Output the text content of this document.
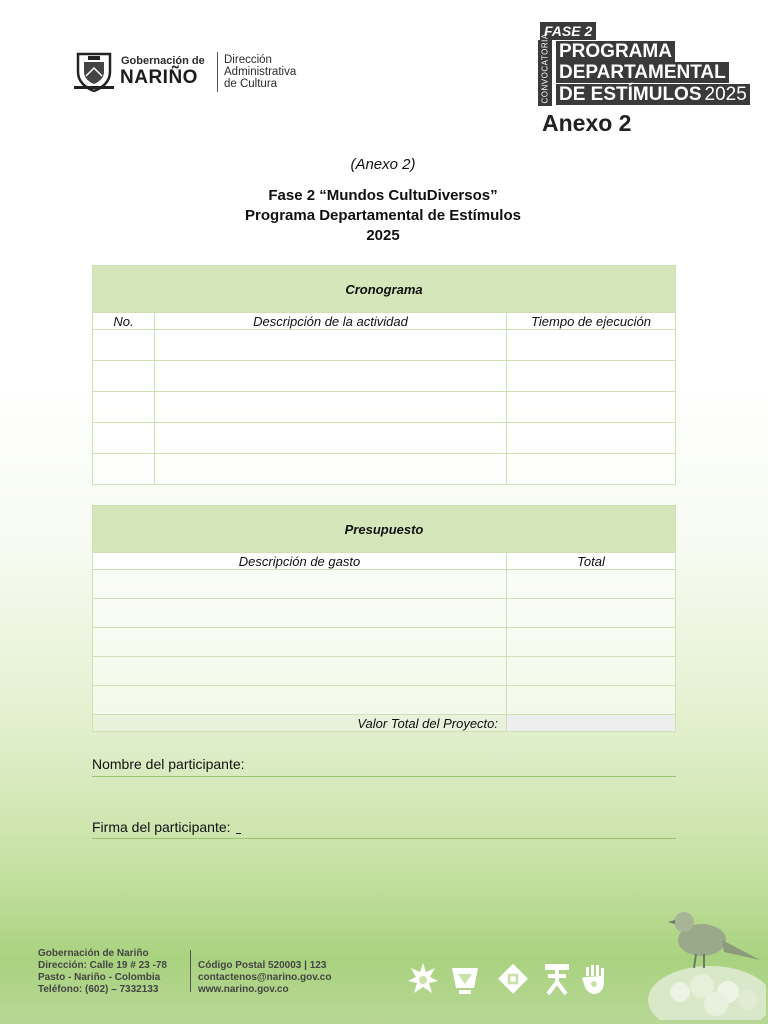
Gobernación de
NARIÑO
Dirección
Administrativa
de Cultura
FASE 2
CONVOCATORIA PROGRAMA
DEPARTAMENTAL
DE ESTÍMULOS 2025
Anexo 2
(Anexo 2)
Fase 2 “Mundos CultuDiversos”
Programa Departamental de Estímulos
2025
Cronograma		
No.	Descripción de la actividad	Tiempo de ejecución

Presupuesto	
Descripción de gasto	Total

Valor Total del Proyecto:	
Nombre del participante:
Firma del participante:
Gobernación de Nariño
Dirección: Calle 19 # 23 -78
Pasto - Nariño - Colombia
Teléfono: (602) – 7332133
Código Postal 520003 | 123
contactenos@narino.gov.co
www.narino.gov.co
